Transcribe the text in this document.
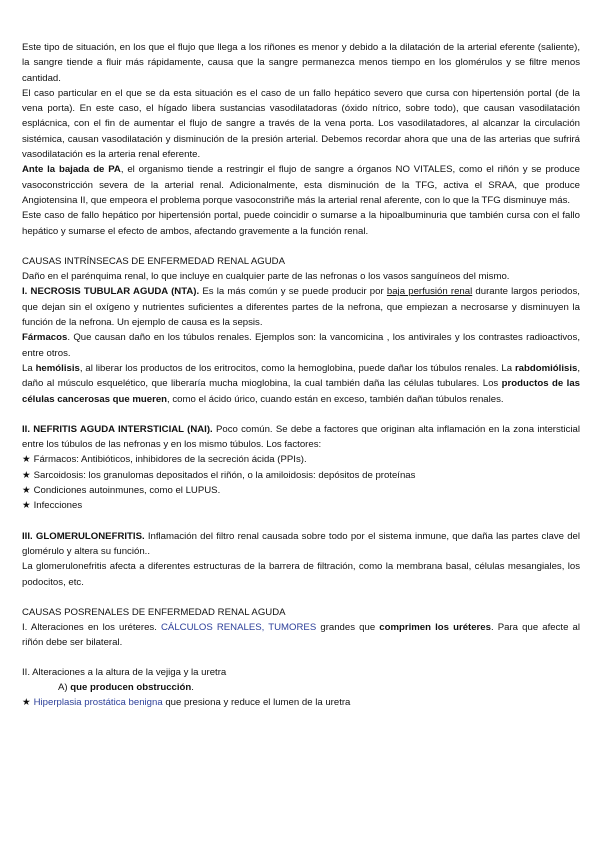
Este tipo de situación, en los que el flujo que llega a los riñones es menor y debido a la dilatación de la arterial eferente (saliente), la sangre tiende a fluir más rápidamente, causa que la sangre permanezca menos tiempo en los glomérulos y se filtre menos cantidad.

El caso particular en el que se da esta situación es el caso de un fallo hepático severo que cursa con hipertensión portal (de la vena porta). En este caso, el hígado libera sustancias vasodilatadoras (óxido nítrico, sobre todo), que causan vasodilatación esplácnica, con el fin de aumentar el flujo de sangre a través de la vena porta. Los vasodilatadores, al alcanzar la circulación sistémica, causan vasodilatación y disminución de la presión arterial. Debemos recordar ahora que una de las arterias que sufrirá vasodilatación es la arteria renal eferente.

Ante la bajada de PA, el organismo tiende a restringir el flujo de sangre a órganos NO VITALES, como el riñón y se produce vasoconstricción severa de la arterial renal. Adicionalmente, esta disminución de la TFG, activa el SRAA, que produce Angiotensina II, que empeora el problema porque vasoconstriñe más la arterial renal aferente, con lo que la TFG disminuye más.

Este caso de fallo hepático por hipertensión portal, puede coincidir o sumarse a la hipoalbuminuria que también cursa con el fallo hepático y sumarse el efecto de ambos, afectando gravemente a la función renal.

CAUSAS INTRÍNSECAS DE ENFERMEDAD RENAL AGUDA

Daño en el parénquima renal, lo que incluye en cualquier parte de las nefronas o los vasos sanguíneos del mismo.

I. NECROSIS TUBULAR AGUDA (NTA). Es la más común y se puede producir por baja perfusión renal durante largos periodos, que dejan sin el oxígeno y nutrientes suficientes a diferentes partes de la nefrona, que empiezan a necrosarse y disminuyen la función de la nefrona. Un ejemplo de causa es la sepsis.

Fármacos. Que causan daño en los túbulos renales. Ejemplos son: la vancomicina , los antivirales y los contrastes radioactivos, entre otros.

La hemólisis, al liberar los productos de los eritrocitos, como la hemoglobina, puede dañar los túbulos renales. La rabdomiólisis, daño al músculo esquelético, que liberaría mucha mioglobina, la cual también daña las células tubulares. Los productos de las células cancerosas que mueren, como el ácido úrico, cuando están en exceso, también dañan túbulos renales.

II. NEFRITIS AGUDA INTERSTICIAL (NAI). Poco común. Se debe a factores que originan alta inflamación en la zona intersticial entre los túbulos de las nefronas y en los mismo túbulos. Los factores:

★ Fármacos: Antibióticos, inhibidores de la secreción ácida (PPIs).

★ Sarcoidosis: los granulomas depositados el riñón, o la amiloidosis: depósitos de proteínas

★ Condiciones autoinmunes, como el LUPUS.

★ Infecciones

III. GLOMERULONEFRITIS. Inflamación del filtro renal causada sobre todo por el sistema inmune, que daña las partes clave del glomérulo y altera su función..

La glomerulonefritis afecta a diferentes estructuras de la barrera de filtración, como la membrana basal, células mesangiales, los podocitos, etc.

CAUSAS POSRENALES DE ENFERMEDAD RENAL AGUDA

I. Alteraciones en los uréteres. CÁLCULOS RENALES, TUMORES grandes que comprimen los uréteres. Para que afecte al riñón debe ser bilateral.

II. Alteraciones a la altura de la vejiga y la uretra

A) que producen obstrucción.

★ Hiperplasia prostática benigna que presiona y reduce el lumen de la uretra
